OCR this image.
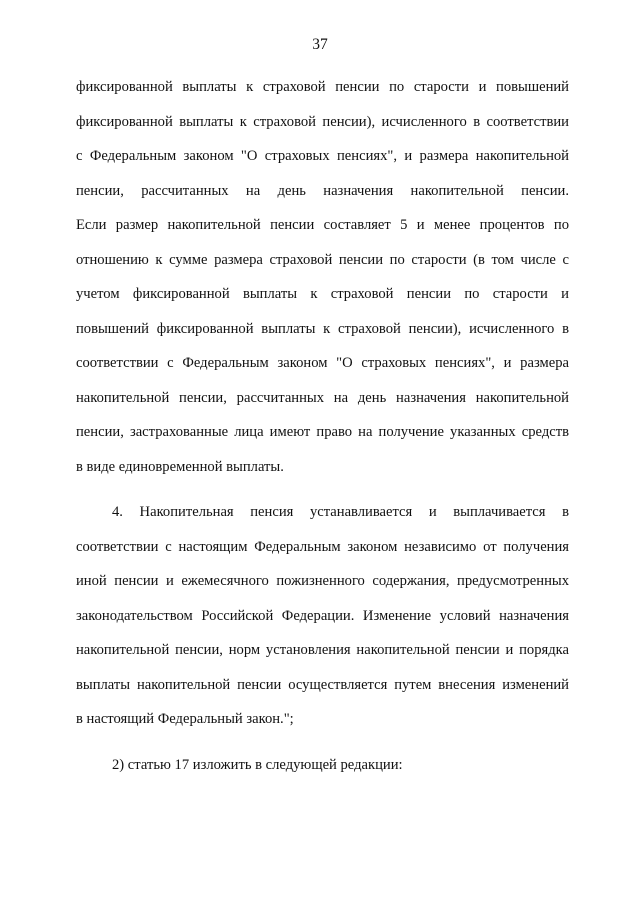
37
фиксированной выплаты к страховой пенсии по старости и повышений
фиксированной выплаты к страховой пенсии), исчисленного в соответствии
с Федеральным законом "О страховых пенсиях", и размера накопительной
пенсии, рассчитанных на день назначения накопительной пенсии.
Если размер накопительной пенсии составляет 5 и менее процентов по
отношению к сумме размера страховой пенсии по старости (в том числе с
учетом фиксированной выплаты к страховой пенсии по старости и
повышений фиксированной выплаты к страховой пенсии), исчисленного в
соответствии с Федеральным законом "О страховых пенсиях", и размера
накопительной пенсии, рассчитанных на день назначения накопительной
пенсии, застрахованные лица имеют право на получение указанных средств
в виде единовременной выплаты.
4. Накопительная пенсия устанавливается и выплачивается в
соответствии с настоящим Федеральным законом независимо от получения
иной пенсии и ежемесячного пожизненного содержания, предусмотренных
законодательством Российской Федерации. Изменение условий назначения
накопительной пенсии, норм установления накопительной пенсии и порядка
выплаты накопительной пенсии осуществляется путем внесения изменений
в настоящий Федеральный закон.";
2) статью 17 изложить в следующей редакции:
